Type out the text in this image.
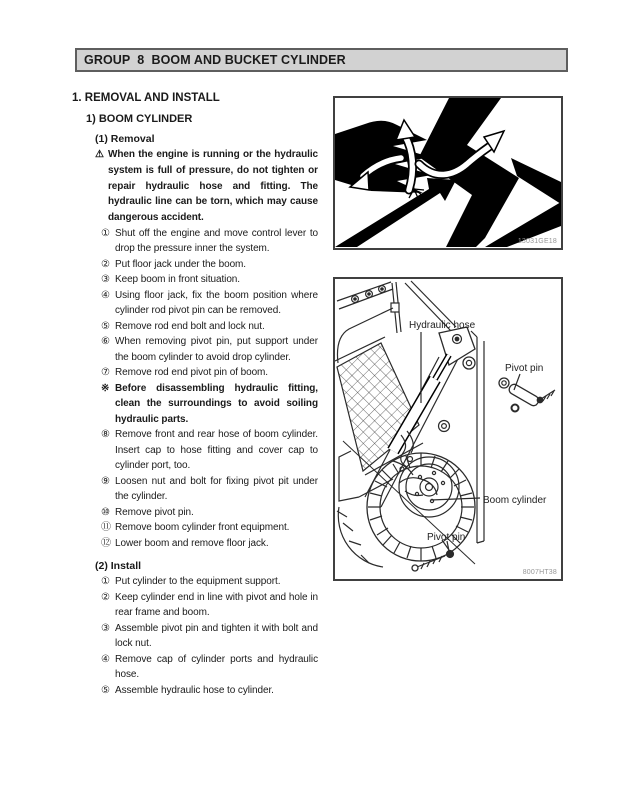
GROUP  8  BOOM AND BUCKET CYLINDER
1. REMOVAL AND INSTALL
1) BOOM CYLINDER
(1) Removal
⚠ When the engine is running or the hydraulic system is full of pressure, do not tighten or repair hydraulic hose and fitting. The hydraulic line can be torn, which may cause dangerous accident.
① Shut off the engine and move control lever to drop the pressure inner the system.
② Put floor jack under the boom.
③ Keep boom in front situation.
④ Using floor jack, fix the boom position where cylinder rod pivot pin can be removed.
⑤ Remove rod end bolt and lock nut.
⑥ When removing pivot pin, put support under the boom cylinder to avoid drop cylinder.
⑦ Remove rod end pivot pin of boom.
※ Before disassembling hydraulic fitting, clean the surroundings to avoid soiling hydraulic parts.
⑧ Remove front and rear hose of boom cylinder. Insert cap to hose fitting and cover cap to cylinder port, too.
⑨ Loosen nut and bolt for fixing pivot pit under the cylinder.
⑩ Remove pivot pin.
⑪ Remove boom cylinder front equipment.
⑫ Lower boom and remove floor jack.
(2) Install
① Put cylinder to the equipment support.
② Keep cylinder end in line with pivot and hole in rear frame and boom.
③ Assemble pivot pin and tighten it with bolt and lock nut.
④ Remove cap of cylinder ports and hydraulic hose.
⑤ Assemble hydraulic hose to cylinder.
13031GE18
Hydraulic hose
Pivot pin
Boom cylinder
Pivot pin
8007HT38
